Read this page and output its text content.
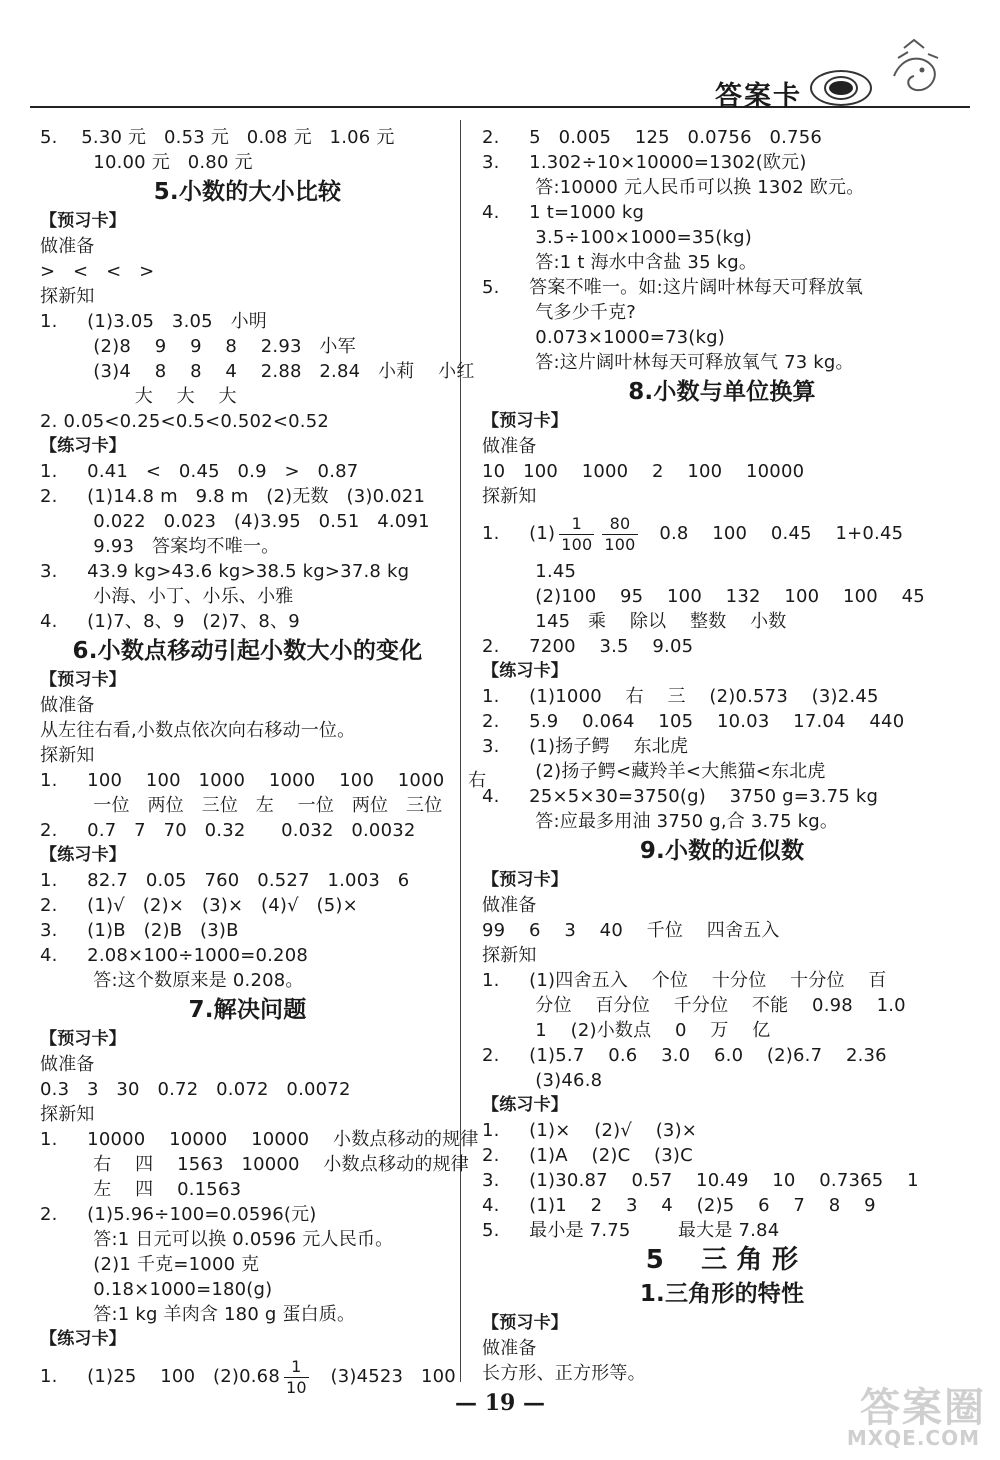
答案卡
5.    5.30 元   0.53 元   0.08 元   1.06 元
10.00 元   0.80 元
5.小数的大小比较
【预习卡】
做准备
>   <   <   >
探新知
1.     (1)3.05   3.05   小明
(2)8    9    9    8    2.93   小军
(3)4    8    8    4    2.88   2.84   小莉    小红
大    大    大
2. 0.05<0.25<0.5<0.502<0.52
【练习卡】
1.     0.41   <   0.45   0.9   >   0.87
2.     (1)14.8 m   9.8 m   (2)无数   (3)0.021
0.022   0.023   (4)3.95   0.51   4.091
9.93   答案均不唯一。
3.     43.9 kg>43.6 kg>38.5 kg>37.8 kg
小海、小丁、小乐、小雅
4.     (1)7、8、9   (2)7、8、9
6.小数点移动引起小数大小的变化
【预习卡】
做准备
从左往右看,小数点依次向右移动一位。
探新知
1.     100    100   1000    1000    100    1000    右
一位   两位   三位   左    一位   两位   三位
2.     0.7   7   70   0.32      0.032   0.0032
【练习卡】
1.     82.7   0.05   760   0.527   1.003   6
2.     (1)√   (2)×   (3)×   (4)√   (5)×
3.     (1)B   (2)B   (3)B
4.     2.08×100÷1000=0.208
答:这个数原来是 0.208。
7.解决问题
【预习卡】
做准备
0.3   3   30   0.72   0.072   0.0072
探新知
1.     10000    10000    10000    小数点移动的规律
右    四    1563   10000    小数点移动的规律
左    四    0.1563
2.     (1)5.96÷100=0.0596(元)
答:1 日元可以换 0.0596 元人民币。
(2)1 千克=1000 克
0.18×1000=180(g)
答:1 kg 羊肉含 180 g 蛋白质。
【练习卡】
1.     (1)25    100   $(2)0.68 \frac{1}{10} (3)4523$   100
2.     5   0.005    125   0.0756   0.756
3.     1.302÷10×10000=1302(欧元)
答:10000 元人民币可以换 1302 欧元。
4.     1 t=1000 kg
3.5÷100×1000=35(kg)
答:1 t 海水中含盐 35 kg。
5.     答案不唯一。如:这片阔叶林每天可释放氧
气多少千克?
0.073×1000=73(kg)
答:这片阔叶林每天可释放氧气 73 kg。
8.小数与单位换算
【预习卡】
做准备
10   100    1000    2    100    10000
探新知
1.     $(1) \frac{1}{100} \frac{80}{100} 0.8$    100    0.45    1+0.45
1.45
(2)100    95    100    132    100    100    45
145   乘    除以    整数    小数
2.     7200    3.5    9.05
【练习卡】
1.     (1)1000    右    三    (2)0.573    (3)2.45
2.     5.9    0.064    105    10.03    17.04    440
3.     (1)扬子鳄    东北虎
(2)扬子鳄<藏羚羊<大熊猫<东北虎
4.     25×5×30=3750(g)    3750 g=3.75 kg
答:应最多用油 3750 g,合 3.75 kg。
9.小数的近似数
【预习卡】
做准备
99    6    3    40    千位    四舍五入
探新知
1.     (1)四舍五入    个位    十分位    十分位    百
分位    百分位    千分位    不能    0.98    1.0
1    (2)小数点    0    万    亿
2.     (1)5.7    0.6    3.0    6.0    (2)6.7    2.36
(3)46.8
【练习卡】
1.     (1)×    (2)√    (3)×
2.     (1)A    (2)C    (3)C
3.     (1)30.87    0.57    10.49    10    0.7365    1
4.     (1)1    2    3    4    (2)5    6    7    8    9
5.     最小是 7.75        最大是 7.84
5    三 角 形
1.三角形的特性
【预习卡】
做准备
长方形、正方形等。
— 19 —	答案圈
MXQE.COM
